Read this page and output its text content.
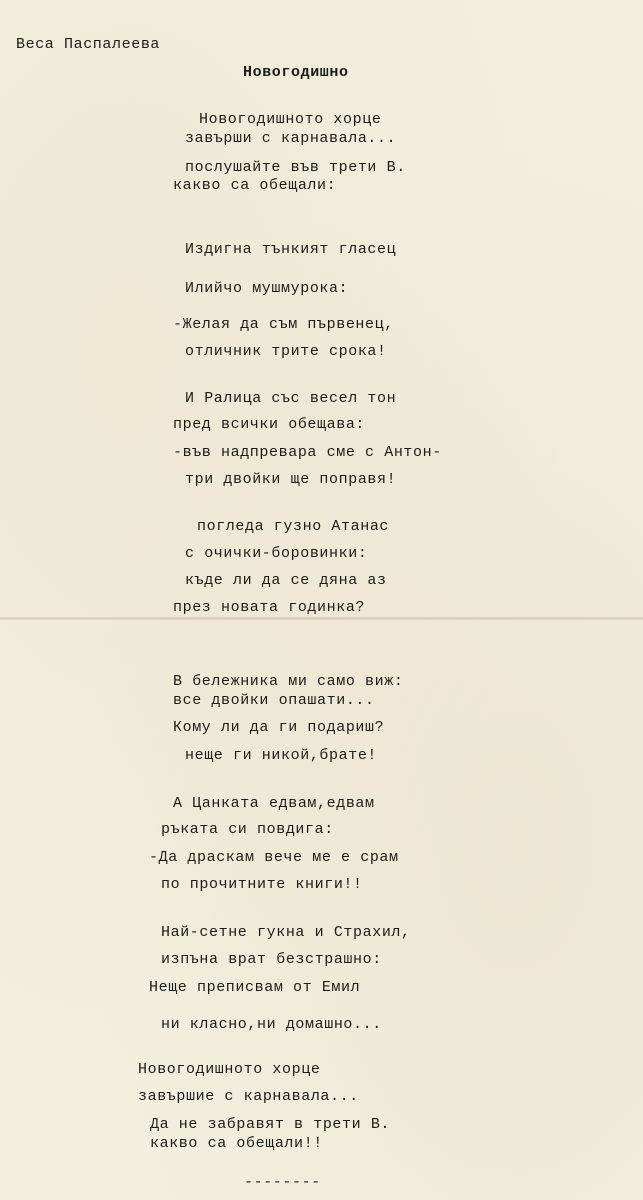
Веса Паспалеева
Новогодишно
Новогодишното хорце
завърши с карнавала...
послушайте във трети В.
какво са обещали:
Издигна тънкият гласец
Илийчо мушмурока:
-Желая да съм първенец,
отличник трите срока!
И Ралица със весел тон
пред всички обещава:
-във надпревара сме с Антон-
три двойки ще поправя!
погледа гузно Атанас
с очички-боровинки:
къде ли да се дяна аз
през новата годинка?
В бележника ми само виж:
все двойки опашати...
Кому ли да ги подариш?
неще ги никой,брате!
А Цанката едвам,едвам
ръката си повдига:
-Да драскам вече ме е срам
по прочитните книги!!
Най-сетне гукна и Страхил,
изпъна врат безстрашно:
Неще преписвам от Емил
ни класно,ни домашно...
Новогодишното хорце
завършие с карнавала...
Да не забравят в трети В.
какво са обещали!!
--------
